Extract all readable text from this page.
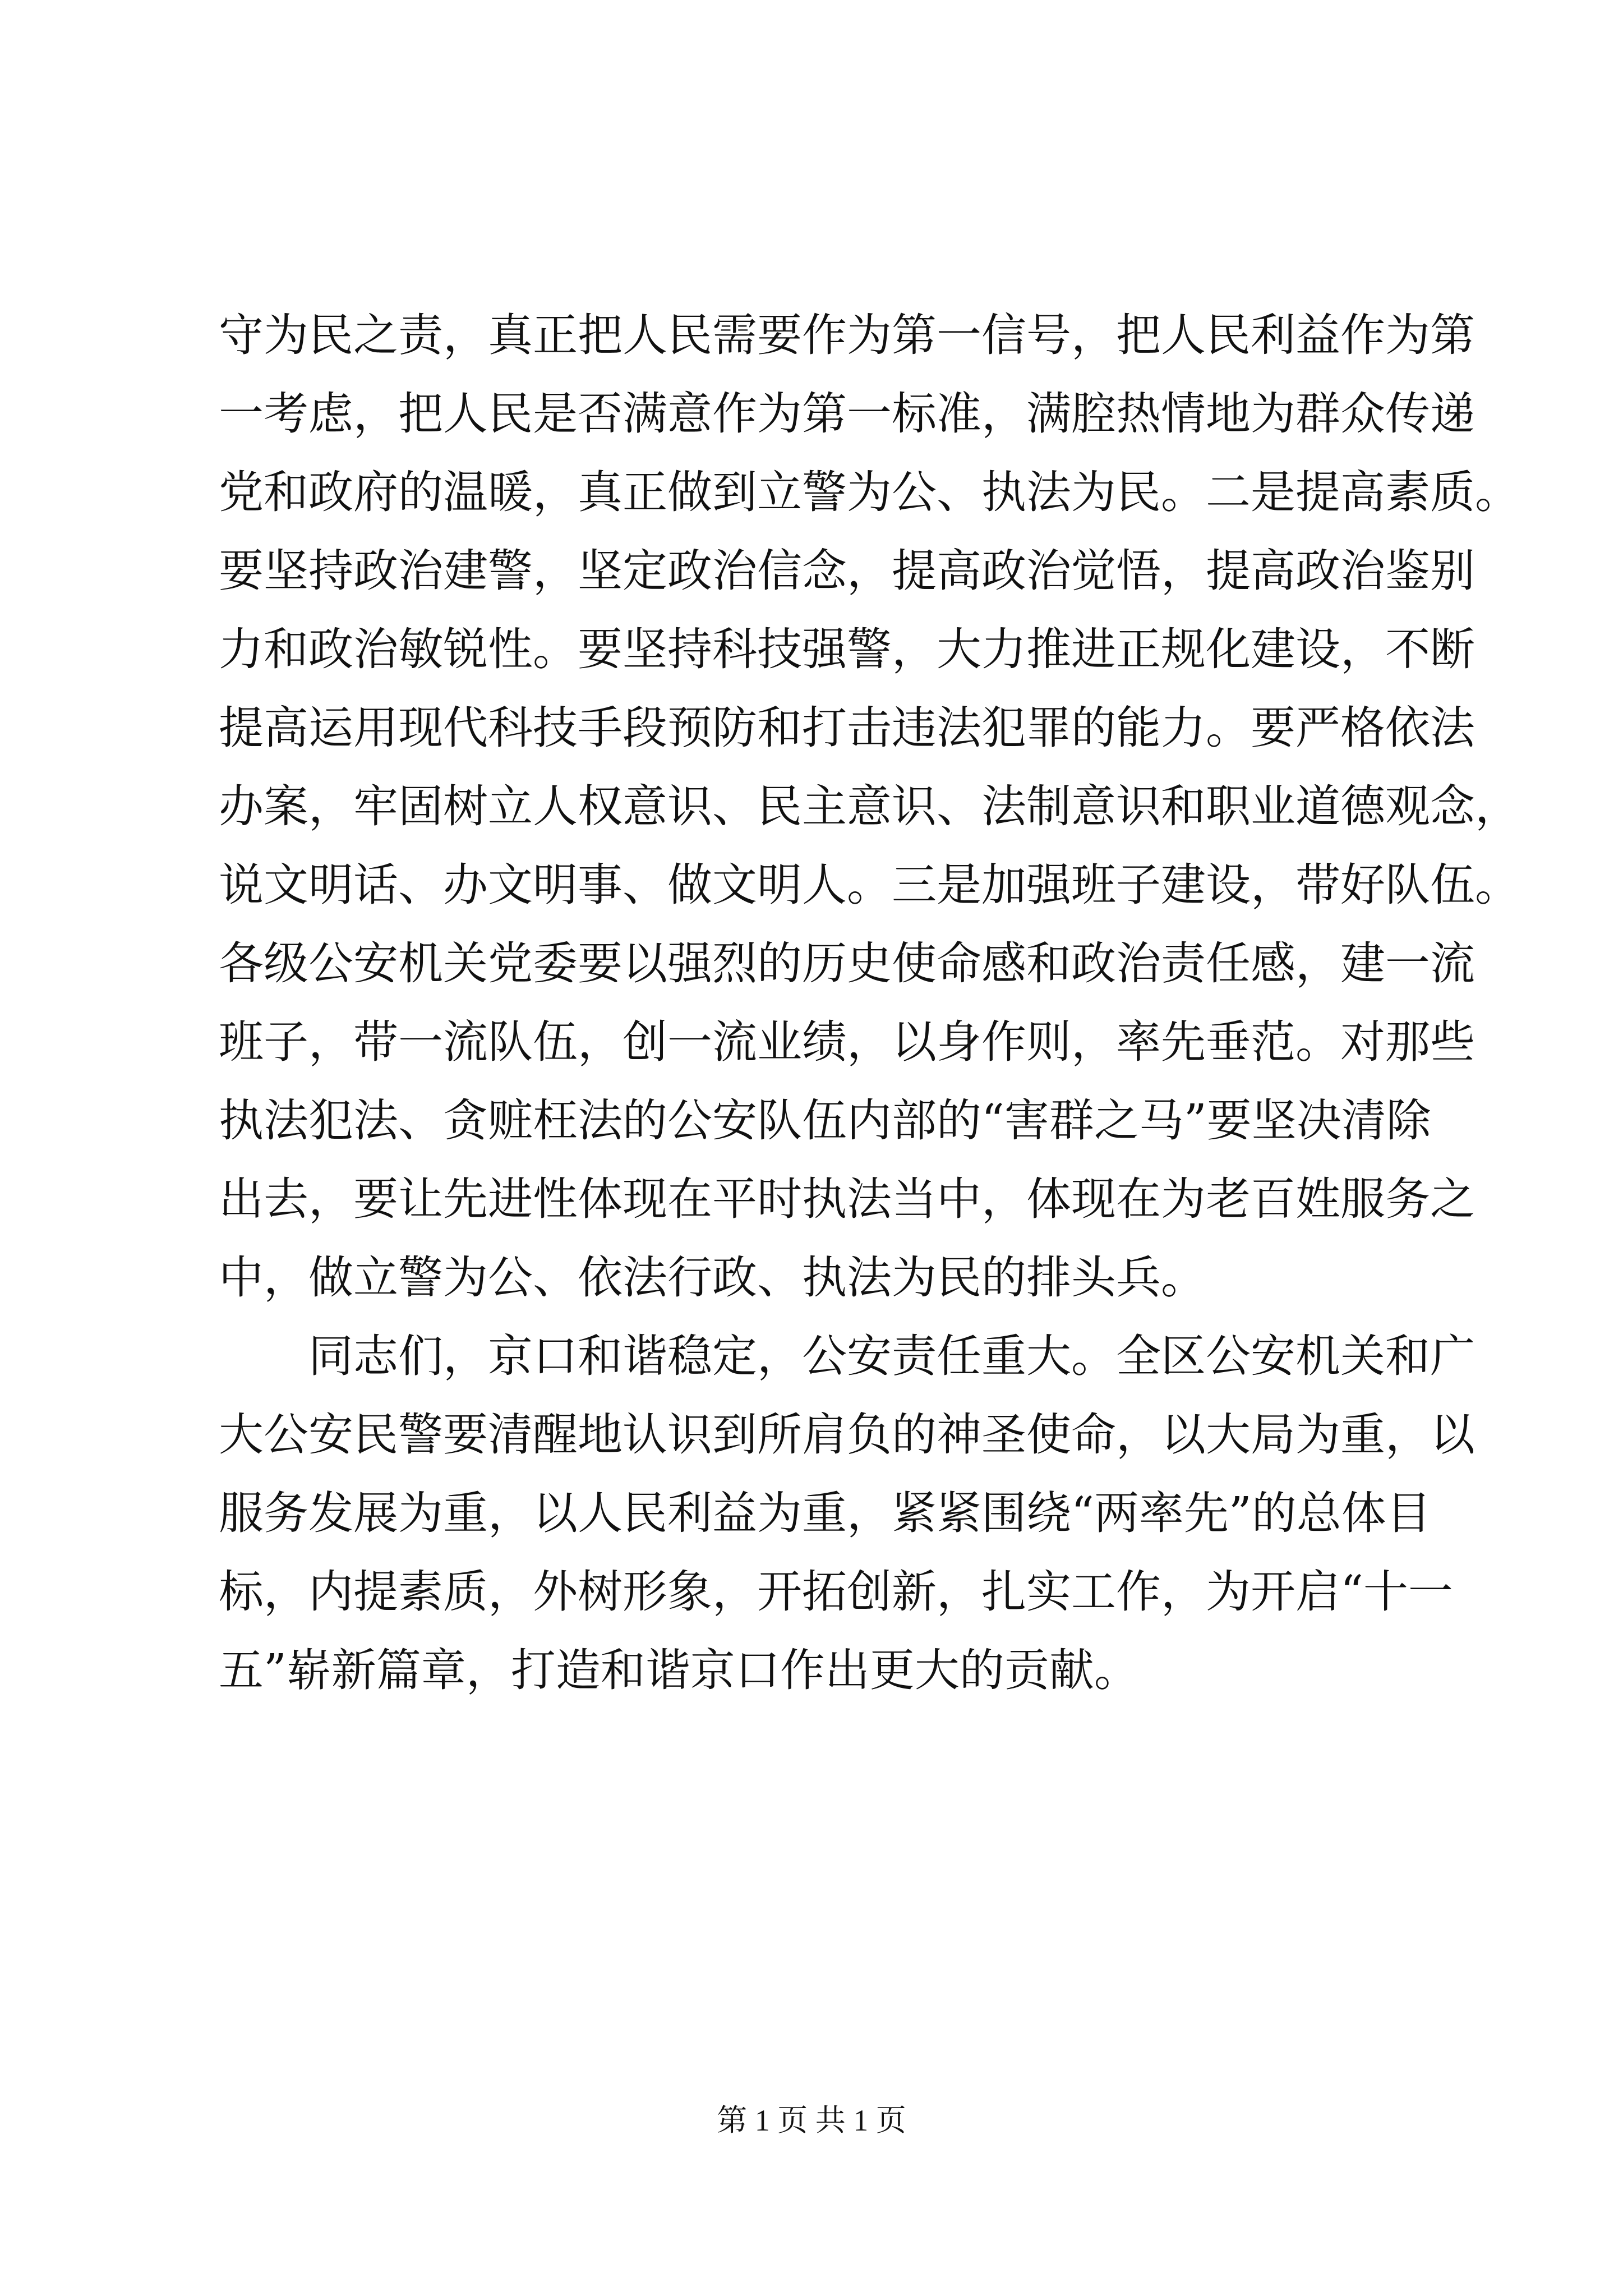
守为民之责，真正把人民需要作为第一信号，把人民利益作为第
一考虑，把人民是否满意作为第一标准，满腔热情地为群众传递
党和政府的温暖，真正做到立警为公、执法为民。二是提高素质。
要坚持政治建警，坚定政治信念，提高政治觉悟，提高政治鉴别
力和政治敏锐性。要坚持科技强警，大力推进正规化建设，不断
提高运用现代科技手段预防和打击违法犯罪的能力。要严格依法
办案，牢固树立人权意识、民主意识、法制意识和职业道德观念，
说文明话、办文明事、做文明人。三是加强班子建设，带好队伍。
各级公安机关党委要以强烈的历史使命感和政治责任感，建一流
班子，带一流队伍，创一流业绩，以身作则，率先垂范。对那些
执法犯法、贪赃枉法的公安队伍内部的“害群之马”要坚决清除
出去，要让先进性体现在平时执法当中，体现在为老百姓服务之
中，做立警为公、依法行政、执法为民的排头兵。
同志们，京口和谐稳定，公安责任重大。全区公安机关和广
大公安民警要清醒地认识到所肩负的神圣使命，以大局为重，以
服务发展为重，以人民利益为重，紧紧围绕“两率先”的总体目
标，内提素质，外树形象，开拓创新，扎实工作，为开启“十一
五”崭新篇章，打造和谐京口作出更大的贡献。
第 1 页 共 1 页
